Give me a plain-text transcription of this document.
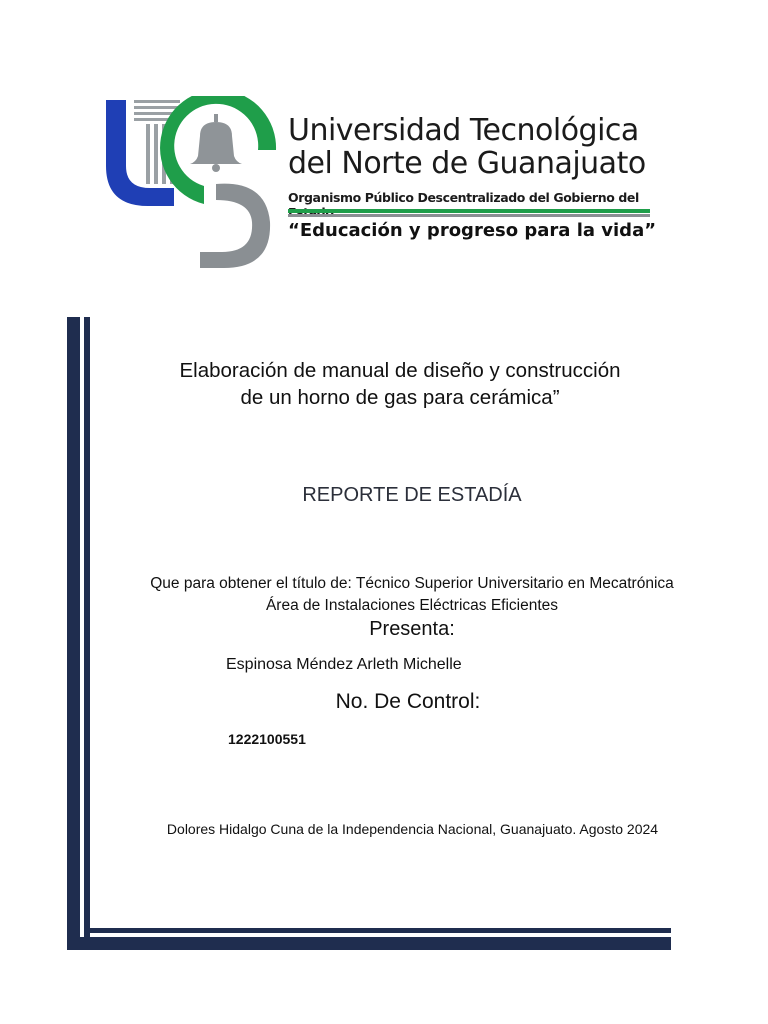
Universidad Tecnológica
del Norte de Guanajuato
Organismo Público Descentralizado del Gobierno del
“Educación y progreso para la vida”
Elaboración de manual de diseño y construcción
de un horno de gas para cerámica”
REPORTE DE ESTADÍA
Que para obtener el título de: Técnico Superior Universitario en Mecatrónica
Área de Instalaciones Eléctricas Eficientes
Presenta:
Espinosa Méndez Arleth Michelle
No. De Control:
1222100551
Dolores Hidalgo Cuna de la Independencia Nacional, Guanajuato. Agosto 2024
